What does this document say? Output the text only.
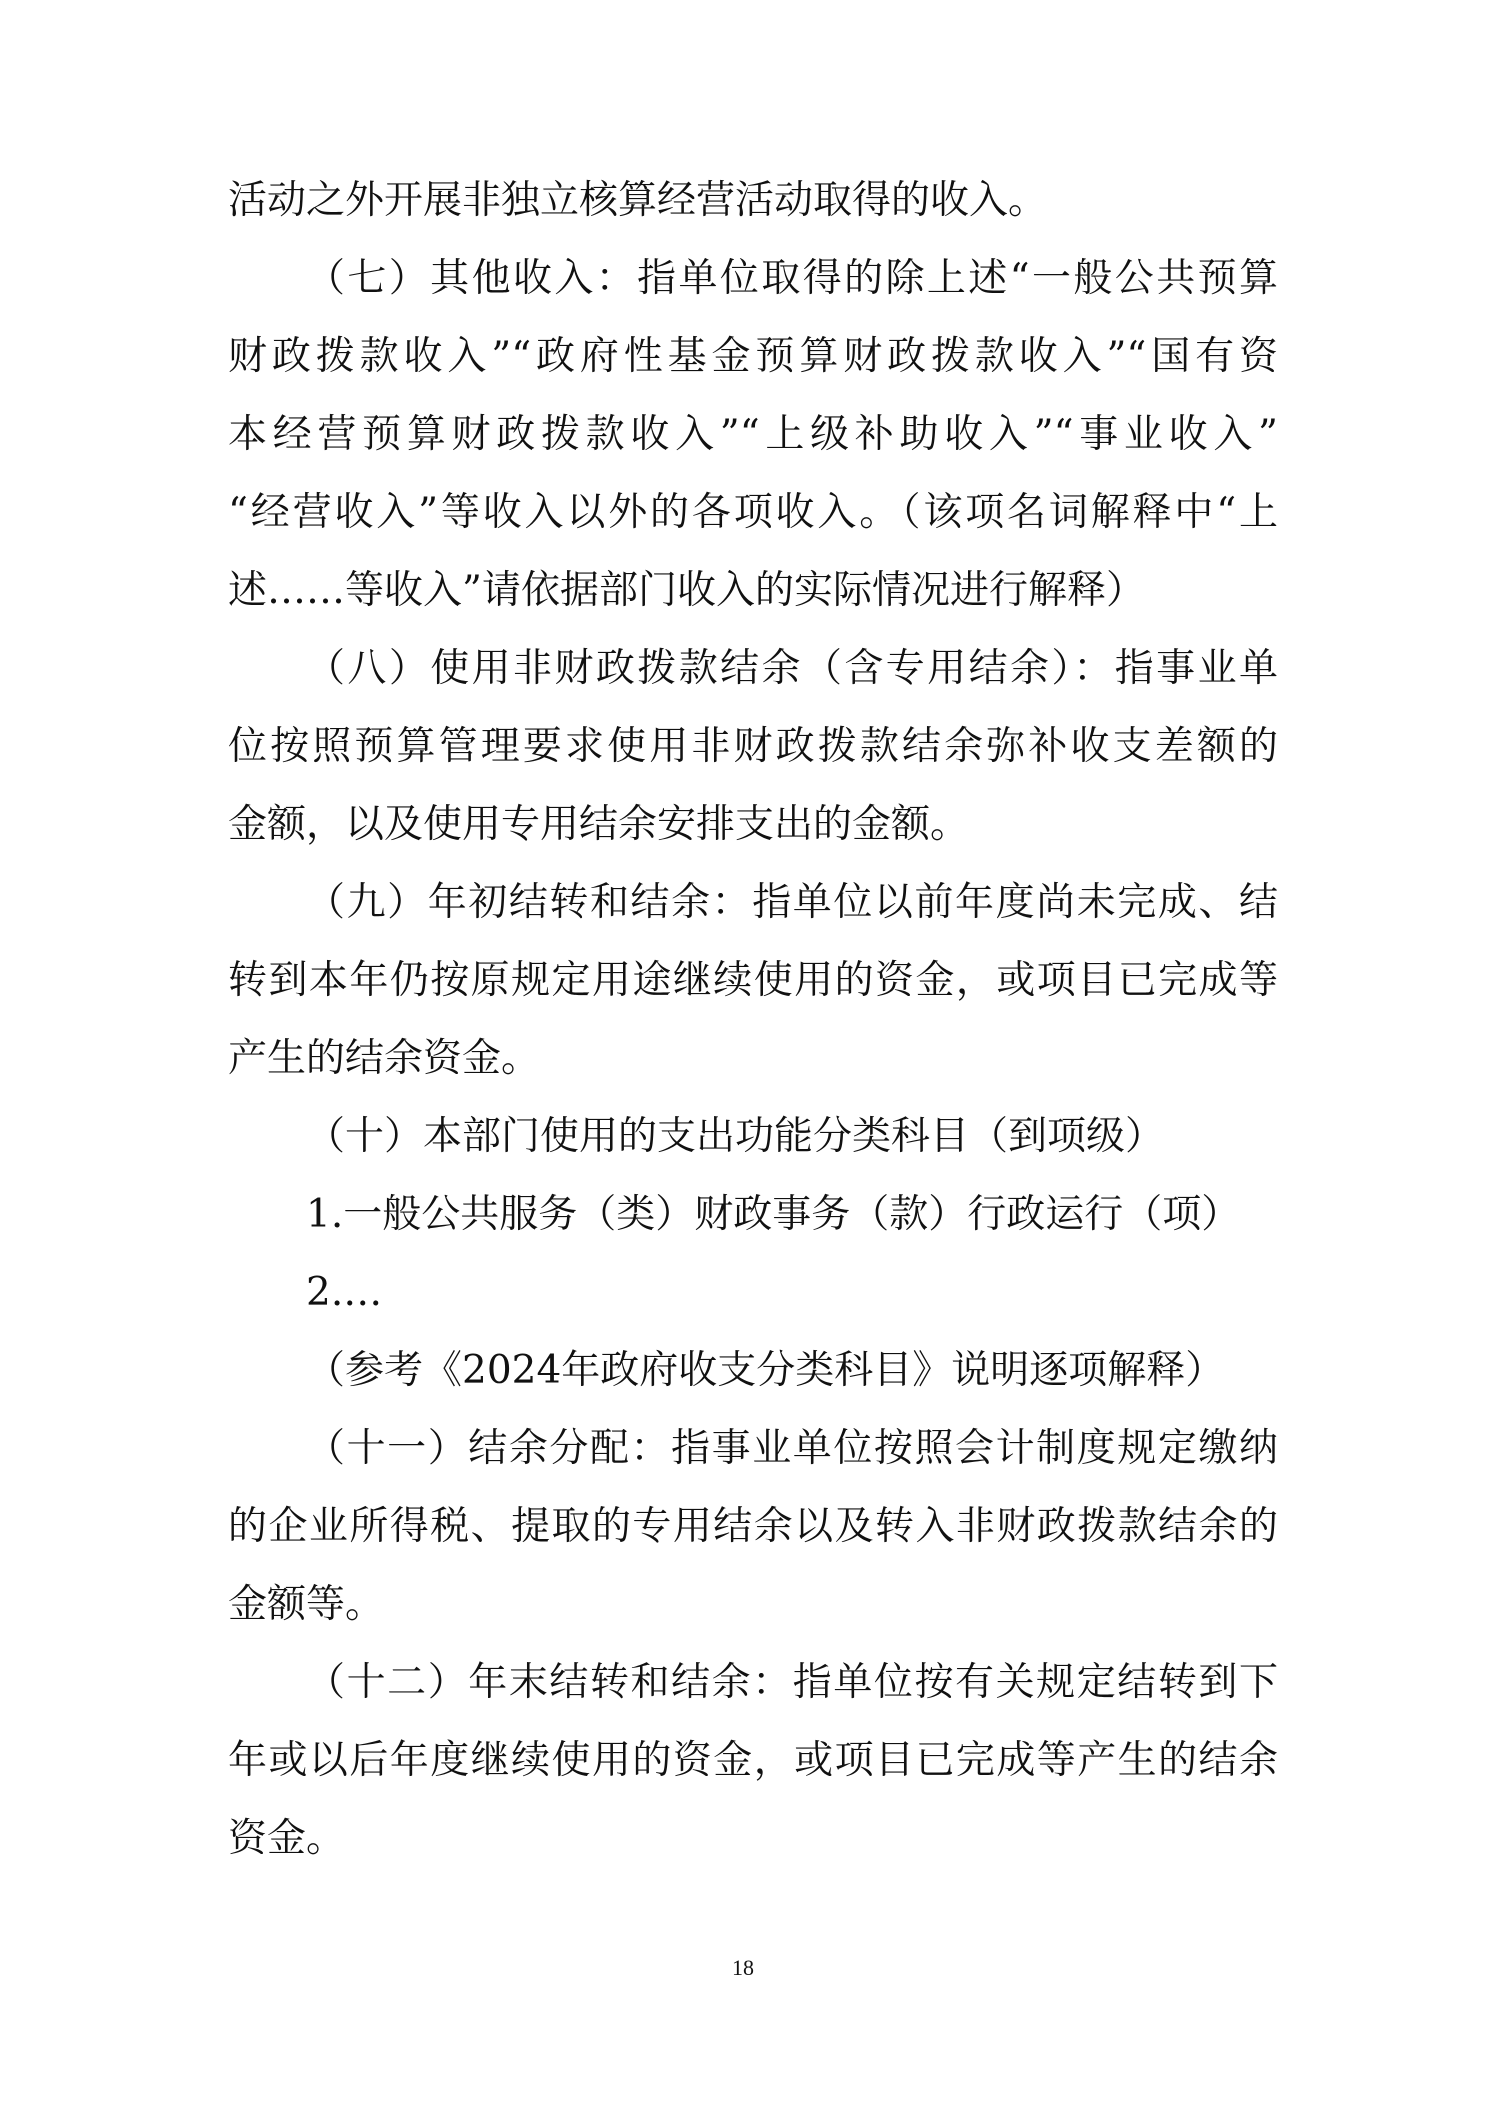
活动之外开展非独立核算经营活动取得的收入。
（七）其他收入：指单位取得的除上述“一般公共预算
财政拨款收入”“政府性基金预算财政拨款收入”“国有资
本经营预算财政拨款收入”“上级补助收入”“事业收入”
“经营收入”等收入以外的各项收入。（该项名词解释中“上
述……等收入”请依据部门收入的实际情况进行解释）
（八）使用非财政拨款结余（含专用结余）：指事业单
位按照预算管理要求使用非财政拨款结余弥补收支差额的
金额，以及使用专用结余安排支出的金额。
（九）年初结转和结余：指单位以前年度尚未完成、结
转到本年仍按原规定用途继续使用的资金，或项目已完成等
产生的结余资金。
（十）本部门使用的支出功能分类科目（到项级）
1.一般公共服务（类）财政事务（款）行政运行（项）
2.…
（参考《2024年政府收支分类科目》说明逐项解释）
（十一）结余分配：指事业单位按照会计制度规定缴纳
的企业所得税、提取的专用结余以及转入非财政拨款结余的
金额等。
（十二）年末结转和结余：指单位按有关规定结转到下
年或以后年度继续使用的资金，或项目已完成等产生的结余
资金。
18
